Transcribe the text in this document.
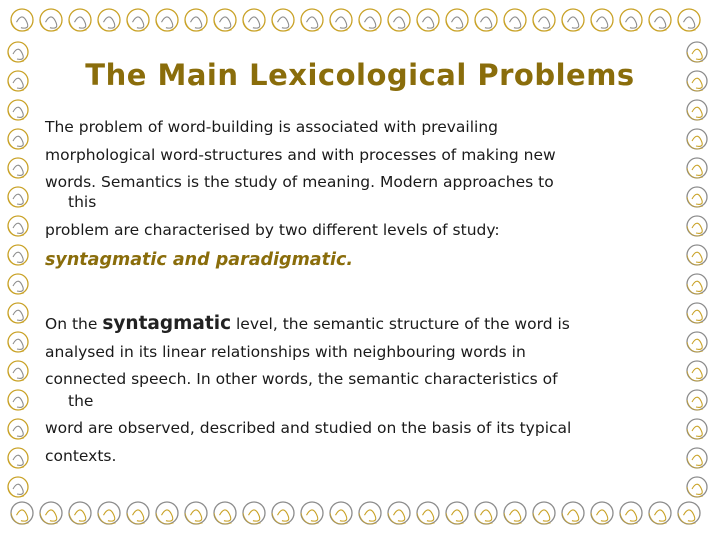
The Main Lexicological Problems
The problem of word-building is associated with prevailing
morphological word-structures and with processes of making new
words. Semantics is the study of meaning. Modern approaches to
this
problem are characterised by two different levels of study:
syntagmatic and paradigmatic.
On the syntagmatic level, the semantic structure of the word is
analysed in its linear relationships with neighbouring words in
connected speech. In other words, the semantic characteristics of
the
word are observed, described and studied on the basis of its typical
contexts.
